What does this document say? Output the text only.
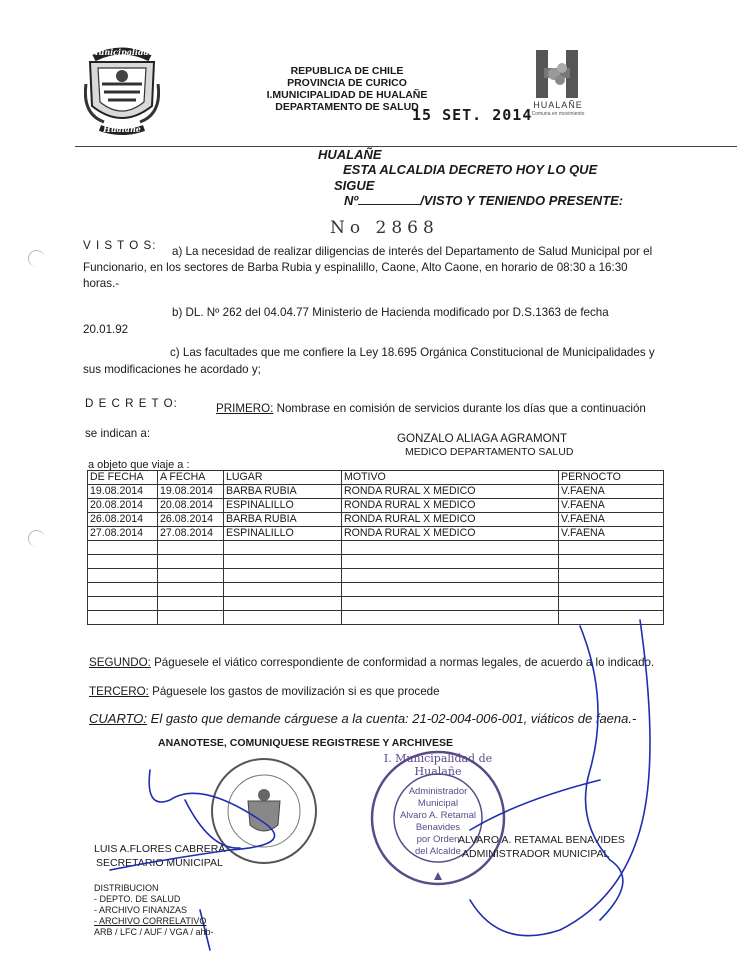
Municipalidad
Hualañe
REPUBLICA DE CHILE
PROVINCIA DE CURICO
I.MUNICIPALIDAD DE HUALAÑE
DEPARTAMENTO DE SALUD
15 SET. 2014
HUALAÑE
Comuna en movimiento
HUALAÑE
ESTA ALCALDIA DECRETO HOY LO QUE
SIGUE
Nº	/VISTO Y TENIENDO PRESENTE:
No 2868
V I S T O S: a) La necesidad de realizar diligencias de interés del Departamento de Salud Municipal por el
Funcionario, en los sectores de Barba Rubia y espinalillo, Caone, Alto Caone, en horario de 08:30 a 16:30
horas.-
b) DL. Nº 262 del 04.04.77 Ministerio de Hacienda modificado por D.S.1363 de fecha
20.01.92
c) Las facultades que me confiere la Ley 18.695 Orgánica Constitucional de Municipalidades y
sus modificaciones he acordado y;
D E C R E T O:	PRIMERO: Nombrase en comisión de servicios durante los días que a continuación
se indican a:	GONZALO ALIAGA AGRAMONT
MEDICO DEPARTAMENTO SALUD
a objeto que viaje a :
DE FECHA	A FECHA	LUGAR	MOTIVO	PERNOCTO
19.08.2014	19.08.2014	BARBA RUBIA	RONDA RURAL X MEDICO	V.FAENA
20.08.2014	20.08.2014	ESPINALILLO	RONDA RURAL X MEDICO	V.FAENA
26.08.2014	26.08.2014	BARBA RUBIA	RONDA RURAL X MEDICO	V.FAENA
27.08.2014	27.08.2014	ESPINALILLO	RONDA RURAL X MEDICO	V.FAENA

SEGUNDO: Páguesele el viático correspondiente de conformidad a normas legales, de acuerdo a lo indicado.
TERCERO: Páguesele los gastos de movilización si es que procede
CUARTO: El gasto que demande cárguese a la cuenta: 21-02-004-006-001, viáticos de faena.-
ANANOTESE, COMUNIQUESE REGISTRESE Y ARCHIVESE
I. Municipalidad de Hualañe
Administrador
Municipal
Alvaro A. Retamal
Benavides
por Orden
del Alcalde
LUIS A.FLORES CABRERA
SECRETARIO MUNICIPAL
ALVARO A. RETAMAL BENAVIDES
ADMINISTRADOR MUNICIPAL
DISTRIBUCION
- DEPTO. DE SALUD
- ARCHIVO FINANZAS
- ARCHIVO CORRELATIVO
ARB / LFC / AUF / VGA / ahb-
